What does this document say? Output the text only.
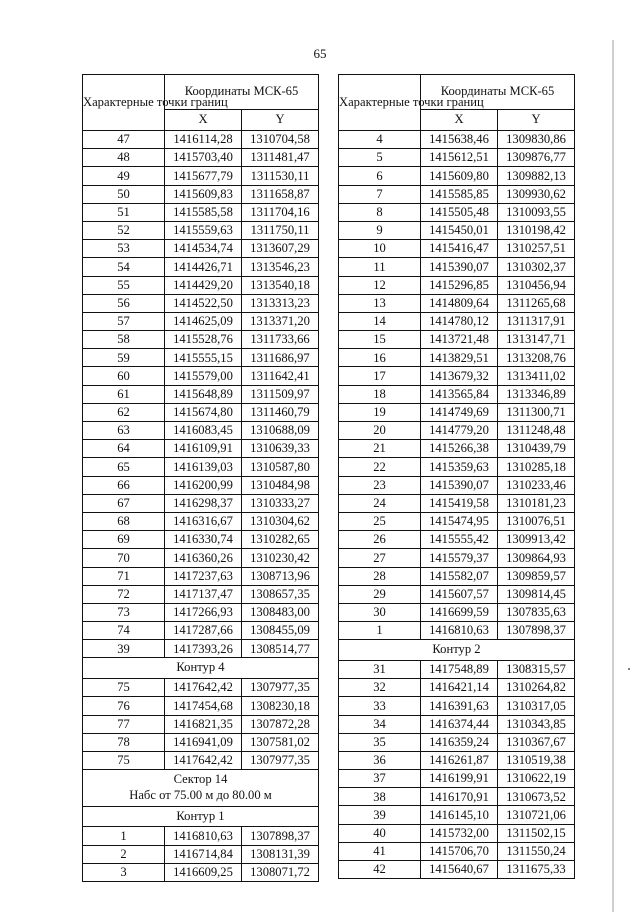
65
Характерные точки границ	Координаты МСК-65	
	X	Y
47	1416114,28	1310704,58
48	1415703,40	1311481,47
49	1415677,79	1311530,11
50	1415609,83	1311658,87
51	1415585,58	1311704,16
52	1415559,63	1311750,11
53	1414534,74	1313607,29
54	1414426,71	1313546,23
55	1414429,20	1313540,18
56	1414522,50	1313313,23
57	1414625,09	1313371,20
58	1415528,76	1311733,66
59	1415555,15	1311686,97
60	1415579,00	1311642,41
61	1415648,89	1311509,97
62	1415674,80	1311460,79
63	1416083,45	1310688,09
64	1416109,91	1310639,33
65	1416139,03	1310587,80
66	1416200,99	1310484,98
67	1416298,37	1310333,27
68	1416316,67	1310304,62
69	1416330,74	1310282,65
70	1416360,26	1310230,42
71	1417237,63	1308713,96
72	1417137,47	1308657,35
73	1417266,93	1308483,00
74	1417287,66	1308455,09
39	1417393,26	1308514,77

Контур 4		

75	1417642,42	1307977,35
76	1417454,68	1308230,18
77	1416821,35	1307872,28
78	1416941,09	1307581,02
75	1417642,42	1307977,35

Сектор 14
Набс от 75.00 м до 80.00 м		

Контур 1		

1	1416810,63	1307898,37
2	1416714,84	1308131,39
3	1416609,25	1308071,72
Характерные точки границ	Координаты МСК-65	
	X	Y
4	1415638,46	1309830,86
5	1415612,51	1309876,77
6	1415609,80	1309882,13
7	1415585,85	1309930,62
8	1415505,48	1310093,55
9	1415450,01	1310198,42
10	1415416,47	1310257,51
11	1415390,07	1310302,37
12	1415296,85	1310456,94
13	1414809,64	1311265,68
14	1414780,12	1311317,91
15	1413721,48	1313147,71
16	1413829,51	1313208,76
17	1413679,32	1313411,02
18	1413565,84	1313346,89
19	1414749,69	1311300,71
20	1414779,20	1311248,48
21	1415266,38	1310439,79
22	1415359,63	1310285,18
23	1415390,07	1310233,46
24	1415419,58	1310181,23
25	1415474,95	1310076,51
26	1415555,42	1309913,42
27	1415579,37	1309864,93
28	1415582,07	1309859,57
29	1415607,57	1309814,45
30	1416699,59	1307835,63
1	1416810,63	1307898,37

Контур 2		

31	1417548,89	1308315,57
32	1416421,14	1310264,82
33	1416391,63	1310317,05
34	1416374,44	1310343,85
35	1416359,24	1310367,67
36	1416261,87	1310519,38
37	1416199,91	1310622,19
38	1416170,91	1310673,52
39	1416145,10	1310721,06
40	1415732,00	1311502,15
41	1415706,70	1311550,24
42	1415640,67	1311675,33
